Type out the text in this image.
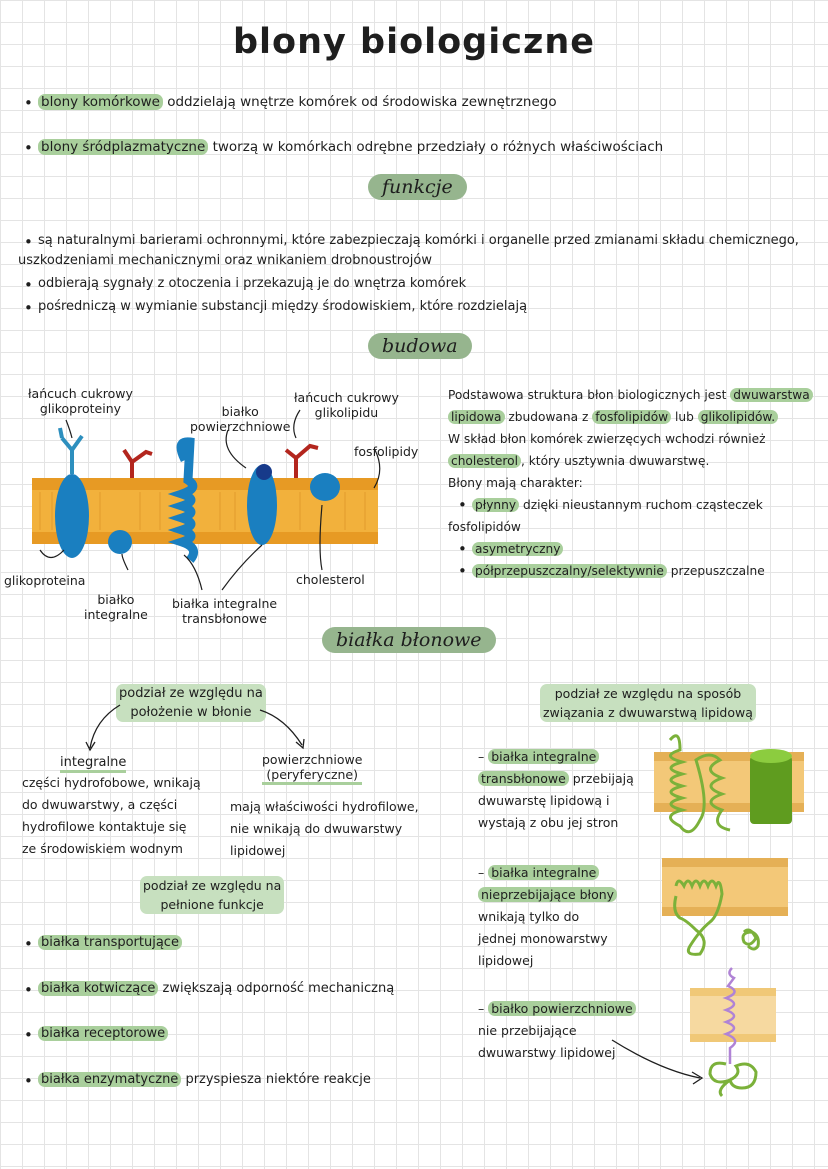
blony biologiczne
blony komórkowe oddzielają wnętrze komórek od środowiska zewnętrznego
blony śródplazmatyczne tworzą w komórkach odrębne przedziały o różnych właściwościach
funkcje
są naturalnymi barierami ochronnymi, które zabezpieczają komórki i organelle przed zmianami składu chemicznego,
uszkodzeniami mechanicznymi oraz wnikaniem drobnoustrojów
odbierają sygnały z otoczenia i przekazują je do wnętrza komórek
pośredniczą w wymianie substancji między środowiskiem, które rozdzielają
budowa
łańcuch cukrowy
glikoproteiny	białko
powierzchniowe
łańcuch cukrowy
glikolipidu
fosfolipidy
glikoproteina
białko
integralne
białka integralne
transbłonowe
cholesterol
Podstawowa struktura błon biologicznych jest dwuwarstwa
lipidowa zbudowana z fosfolipidów lub glikolipidów.
W skład błon komórek zwierzęcych wchodzi również
cholesterol , który usztywnia dwuwarstwę.
Błony mają charakter:
płynny dzięki nieustannym ruchom cząsteczek
fosfolipidów
asymetryczny
półprzepuszczalny/selektywnie przepuszczalne
białka błonowe
podział ze względu na
położenie w błonie
integralne
części hydrofobowe, wnikają
do dwuwarstwy, a części
hydrofilowe kontaktuje się
ze środowiskiem wodnym
powierzchniowe
(peryferyczne)
mają właściwości hydrofilowe,
nie wnikają do dwuwarstwy
lipidowej
podział ze względu na
pełnione funkcje
białka transportujące
białka kotwiczące zwiększają odporność mechaniczną
białka receptorowe
białka enzymatyczne przyspiesza niektóre reakcje
podział ze względu na sposób
związania z dwuwarstwą lipidową
– białka integralne
transbłonowe przebijają
dwuwarstę lipidową i
wystają z obu jej stron
– białka integralne
nieprzebijające błony
wnikają tylko do
jednej monowarstwy
lipidowej
– białko powierzchniowe
nie przebijające
dwuwarstwy lipidowej
